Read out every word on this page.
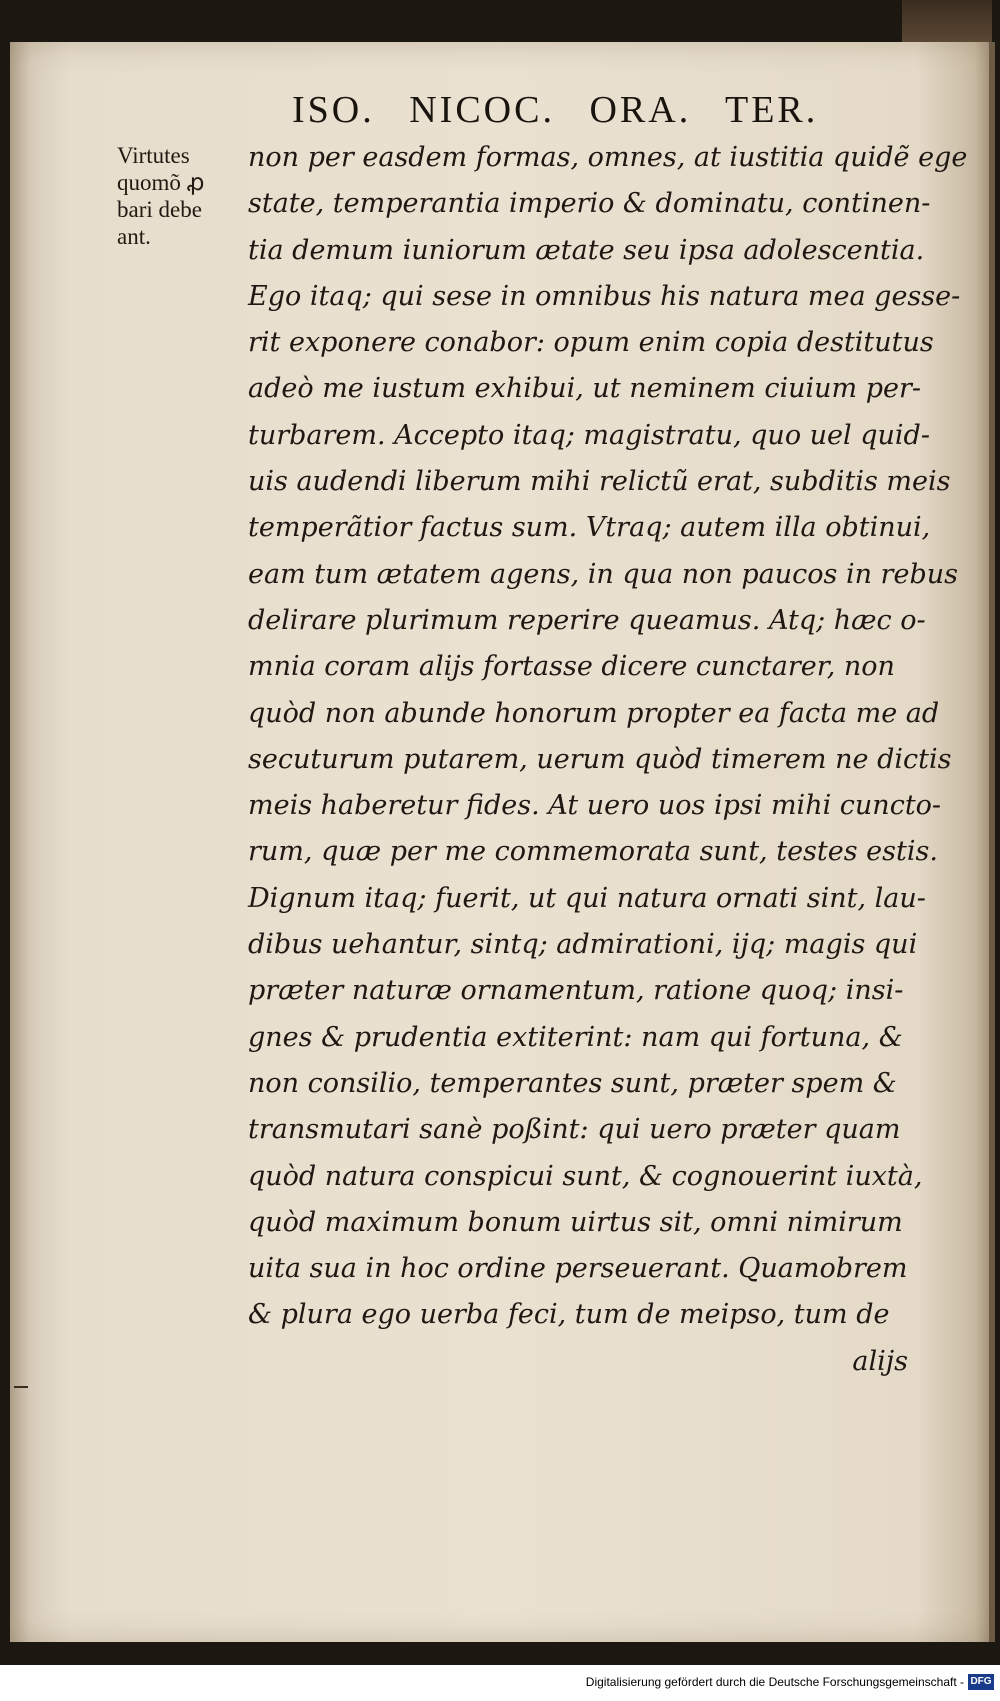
ISO. NICOC. ORA. TER.
Virtutes
quomõ ꝓ
bari debe
ant.
non per easdem formas, omnes, at iustitia quidẽ ege
state, temperantia imperio & dominatu, continen-
tia demum iuniorum ætate seu ipsa adolescentia.
Ego itaq; qui sese in omnibus his natura mea gesse-
rit exponere conabor: opum enim copia destitutus
adeò me iustum exhibui, ut neminem ciuium per-
turbarem. Accepto itaq; magistratu, quo uel quid-
uis audendi liberum mihi relictũ erat, subditis meis
temperãtior factus sum. Vtraq; autem illa obtinui,
eam tum ætatem agens, in qua non paucos in rebus
delirare plurimum reperire queamus. Atq; hæc o-
mnia coram alijs fortasse dicere cunctarer, non
quòd non abunde honorum propter ea facta me ad
secuturum putarem, uerum quòd timerem ne dictis
meis haberetur fides. At uero uos ipsi mihi cuncto-
rum, quæ per me commemorata sunt, testes estis.
Dignum itaq; fuerit, ut qui natura ornati sint, lau-
dibus uehantur, sintq; admirationi, ijq; magis qui
præter naturæ ornamentum, ratione quoq; insi-
gnes & prudentia extiterint: nam qui fortuna, &
non consilio, temperantes sunt, præter spem &
transmutari sanè poßint: qui uero præter quam
quòd natura conspicui sunt, & cognouerint iuxtà,
quòd maximum bonum uirtus sit, omni nimirum
uita sua in hoc ordine perseuerant. Quamobrem
& plura ego uerba feci, tum de meipso, tum de
alijs
Digitalisierung gefördert durch die Deutsche Forschungsgemeinschaft - DFG
